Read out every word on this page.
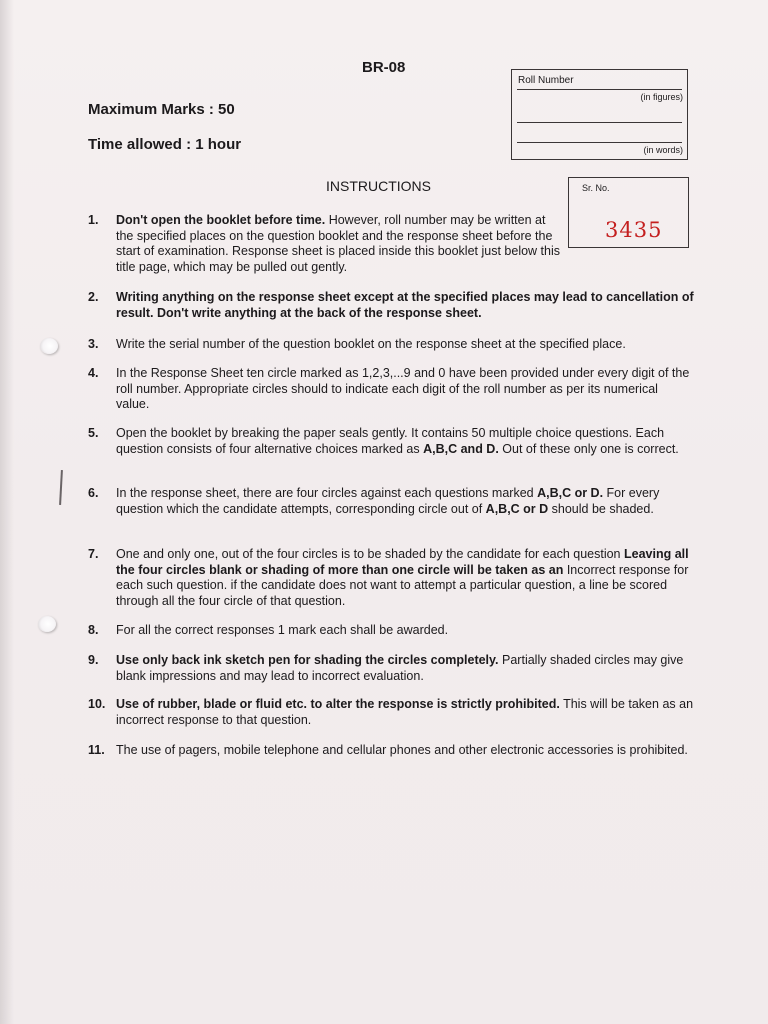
BR-08
Maximum Marks : 50
Time allowed : 1 hour
Roll Number
(in figures)
(in words)
Sr. No.
3435
INSTRUCTIONS
1. Don't open the booklet before time. However, roll number may be written at the specified places on the question booklet and the response sheet before the start of examination. Response sheet is placed inside this booklet just below this title page, which may be pulled out gently.
2. Writing anything on the response sheet except at the specified places may lead to cancellation of result. Don't write anything at the back of the response sheet.
3. Write the serial number of the question booklet on the response sheet at the specified place.
4. In the Response Sheet ten circle marked as 1,2,3,...9 and 0 have been provided under every digit of the roll number. Appropriate circles should to indicate each digit of the roll number as per its numerical value.
5. Open the booklet by breaking the paper seals gently. It contains 50 multiple choice questions. Each question consists of four alternative choices marked as A,B,C and D. Out of these only one is correct.
6. In the response sheet, there are four circles against each questions marked A,B,C or D. For every question which the candidate attempts, corresponding circle out of A,B,C or D should be shaded.
7. One and only one, out of the four circles is to be shaded by the candidate for each question Leaving all the four circles blank or shading of more than one circle will be taken as an Incorrect response for each such question. if the candidate does not want to attempt a particular question, a line be scored through all the four circle of that question.
8. For all the correct responses 1 mark each shall be awarded.
9. Use only back ink sketch pen for shading the circles completely. Partially shaded circles may give blank impressions and may lead to incorrect evaluation.
10. Use of rubber, blade or fluid etc. to alter the response is strictly prohibited. This will be taken as an incorrect response to that question.
11. The use of pagers, mobile telephone and cellular phones and other electronic accessories is prohibited.
